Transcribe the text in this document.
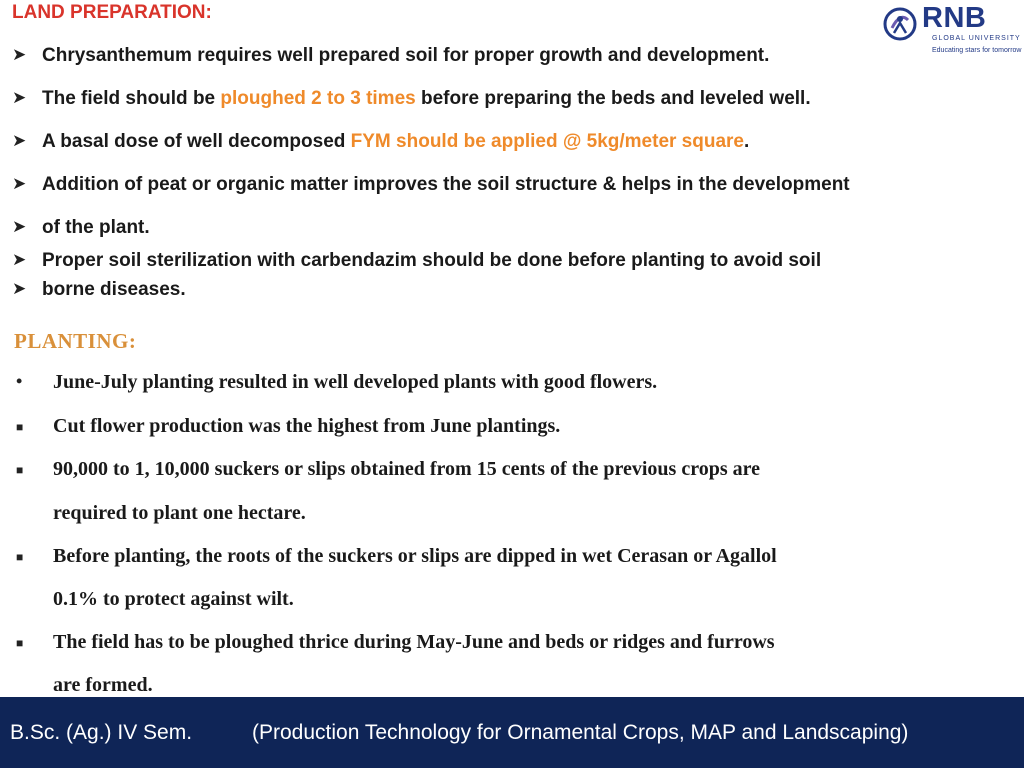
LAND PREPARATION:
➤ Chrysanthemum requires well prepared soil for proper growth and development.
➤ The field should be ploughed 2 to 3 times before preparing the beds and leveled well.
➤ A basal dose of well decomposed FYM should be applied @ 5kg/meter square.
➤ Addition of peat or organic matter improves the soil structure & helps in the development
➤ of the plant.
➤ Proper soil sterilization with carbendazim should be done before planting to avoid soil
➤ borne diseases.
PLANTING:
• June-July planting resulted in well developed plants with good flowers.
■ Cut flower production was the highest from June plantings.
■ 90,000 to 1, 10,000 suckers or slips obtained from 15 cents of the previous crops are
required to plant one hectare.
■ Before planting, the roots of the suckers or slips are dipped in wet Cerasan or Agallol
0.1% to protect against wilt.
■ The field has to be ploughed thrice during May-June and beds or ridges and furrows
are formed.
RNB
GLOBAL UNIVERSITY
Educating stars for tomorrow
B.Sc. (Ag.) IV Sem.	(Production Technology for Ornamental Crops, MAP and Landscaping)
